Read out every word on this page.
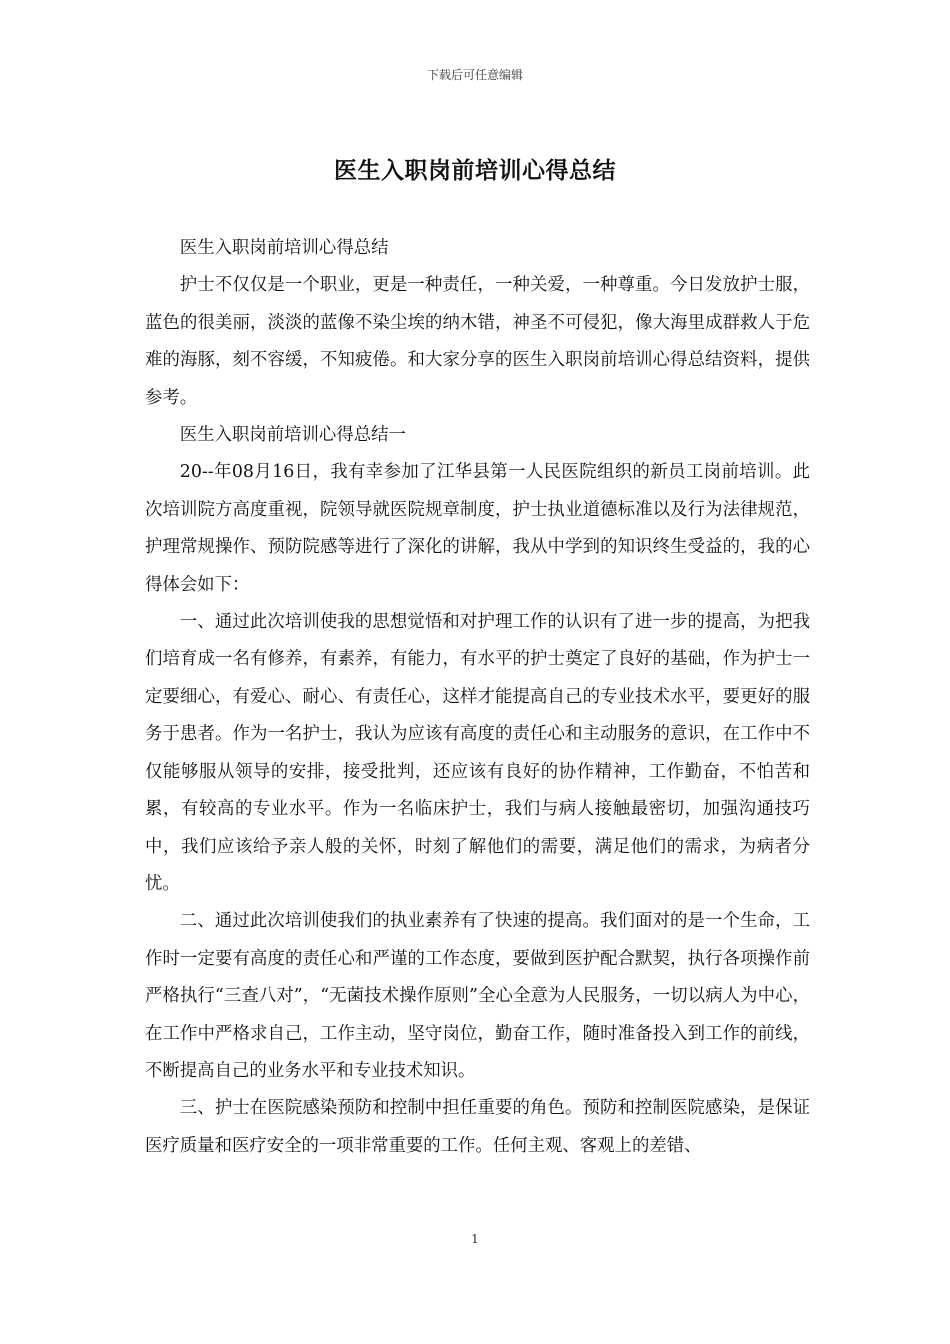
下载后可任意编辑
医生入职岗前培训心得总结

医生入职岗前培训心得总结

护士不仅仅是一个职业，更是一种责任，一种关爱，一种尊重。今日发放护士服，蓝色的很美丽，淡淡的蓝像不染尘埃的纳木错，神圣不可侵犯，像大海里成群救人于危难的海豚，刻不容缓，不知疲倦。和大家分享的医生入职岗前培训心得总结资料，提供参考。

医生入职岗前培训心得总结一

20--年08月16日，我有幸参加了江华县第一人民医院组织的新员工岗前培训。此次培训院方高度重视，院领导就医院规章制度，护士执业道德标准以及行为法律规范，护理常规操作、预防院感等进行了深化的讲解，我从中学到的知识终生受益的，我的心得体会如下：

一、通过此次培训使我的思想觉悟和对护理工作的认识有了进一步的提高，为把我们培育成一名有修养，有素养，有能力，有水平的护士奠定了良好的基础，作为护士一定要细心，有爱心、耐心、有责任心，这样才能提高自己的专业技术水平，要更好的服务于患者。作为一名护士，我认为应该有高度的责任心和主动服务的意识，在工作中不仅能够服从领导的安排，接受批判，还应该有良好的协作精神，工作勤奋，不怕苦和累，有较高的专业水平。作为一名临床护士，我们与病人接触最密切，加强沟通技巧中，我们应该给予亲人般的关怀，时刻了解他们的需要，满足他们的需求，为病者分忧。

二、通过此次培训使我们的执业素养有了快速的提高。我们面对的是一个生命，工作时一定要有高度的责任心和严谨的工作态度，要做到医护配合默契，执行各项操作前严格执行“三查八对”，“无菌技术操作原则”全心全意为人民服务，一切以病人为中心，在工作中严格求自己，工作主动，坚守岗位，勤奋工作，随时准备投入到工作的前线，不断提高自己的业务水平和专业技术知识。

三、护士在医院感染预防和控制中担任重要的角色。预防和控制医院感染，是保证医疗质量和医疗安全的一项非常重要的工作。任何主观、客观上的差错、

1
